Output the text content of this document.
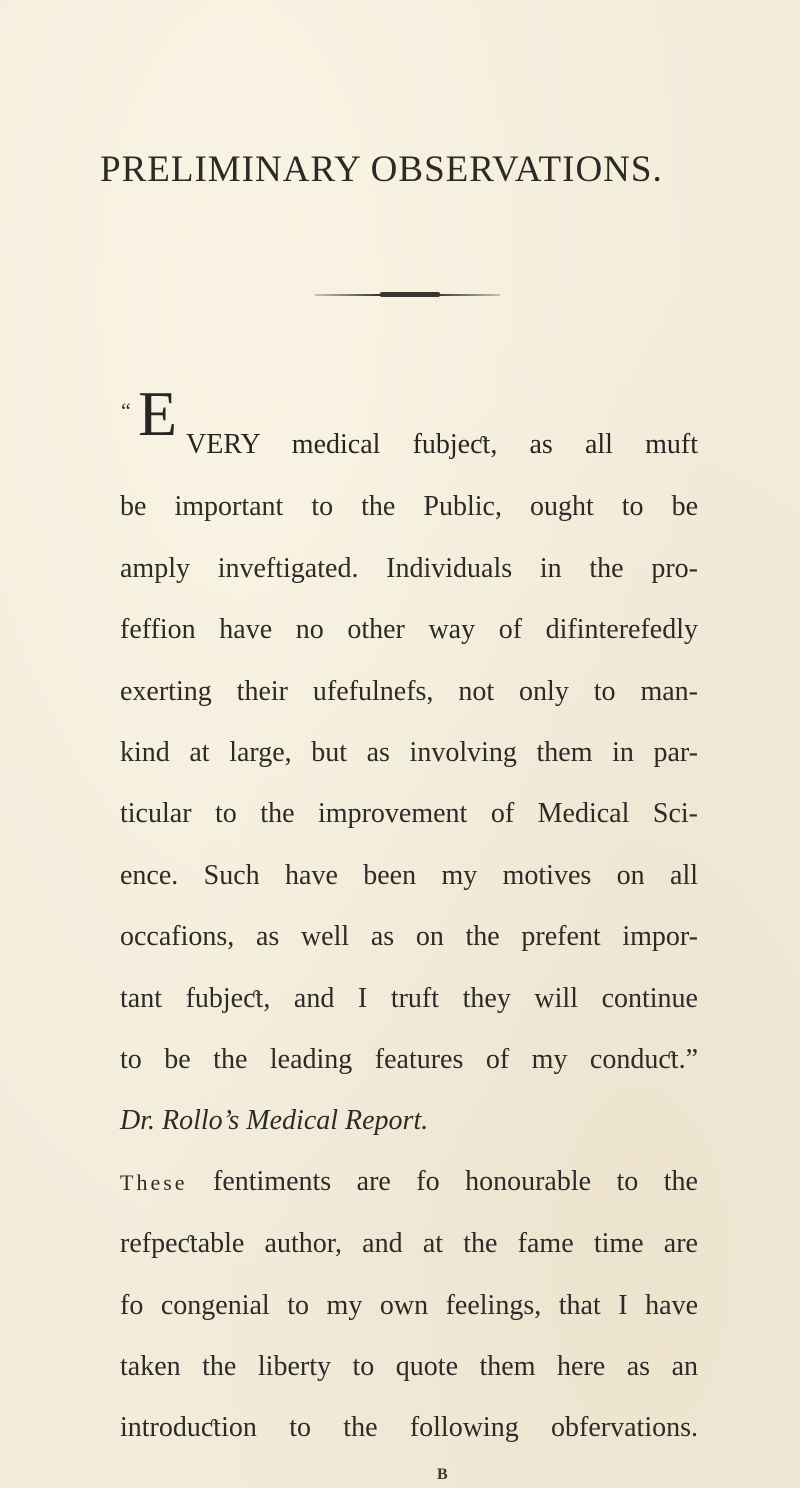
PRELIMINARY OBSERVATIONS.
“ E VERY medical fubjeƈt, as all muft
be important to the Public, ought to be
amply inveftigated. Individuals in the pro-
feffion have no other way of difinterefedly
exerting their ufefulnefs, not only to man-
kind at large, but as involving them in par-
ticular to the improvement of Medical Sci-
ence. Such have been my motives on all
occafions, as well as on the prefent impor-
tant fubjeƈt, and I truft they will continue
to be the leading features of my conduƈt.”
Dr. Rollo’s Medical Report.
These fentiments are fo honourable to the
refpeƈtable author, and at the fame time are
fo congenial to my own feelings, that I have
taken the liberty to quote them here as an
introduƈtion to the following obfervations.
B
